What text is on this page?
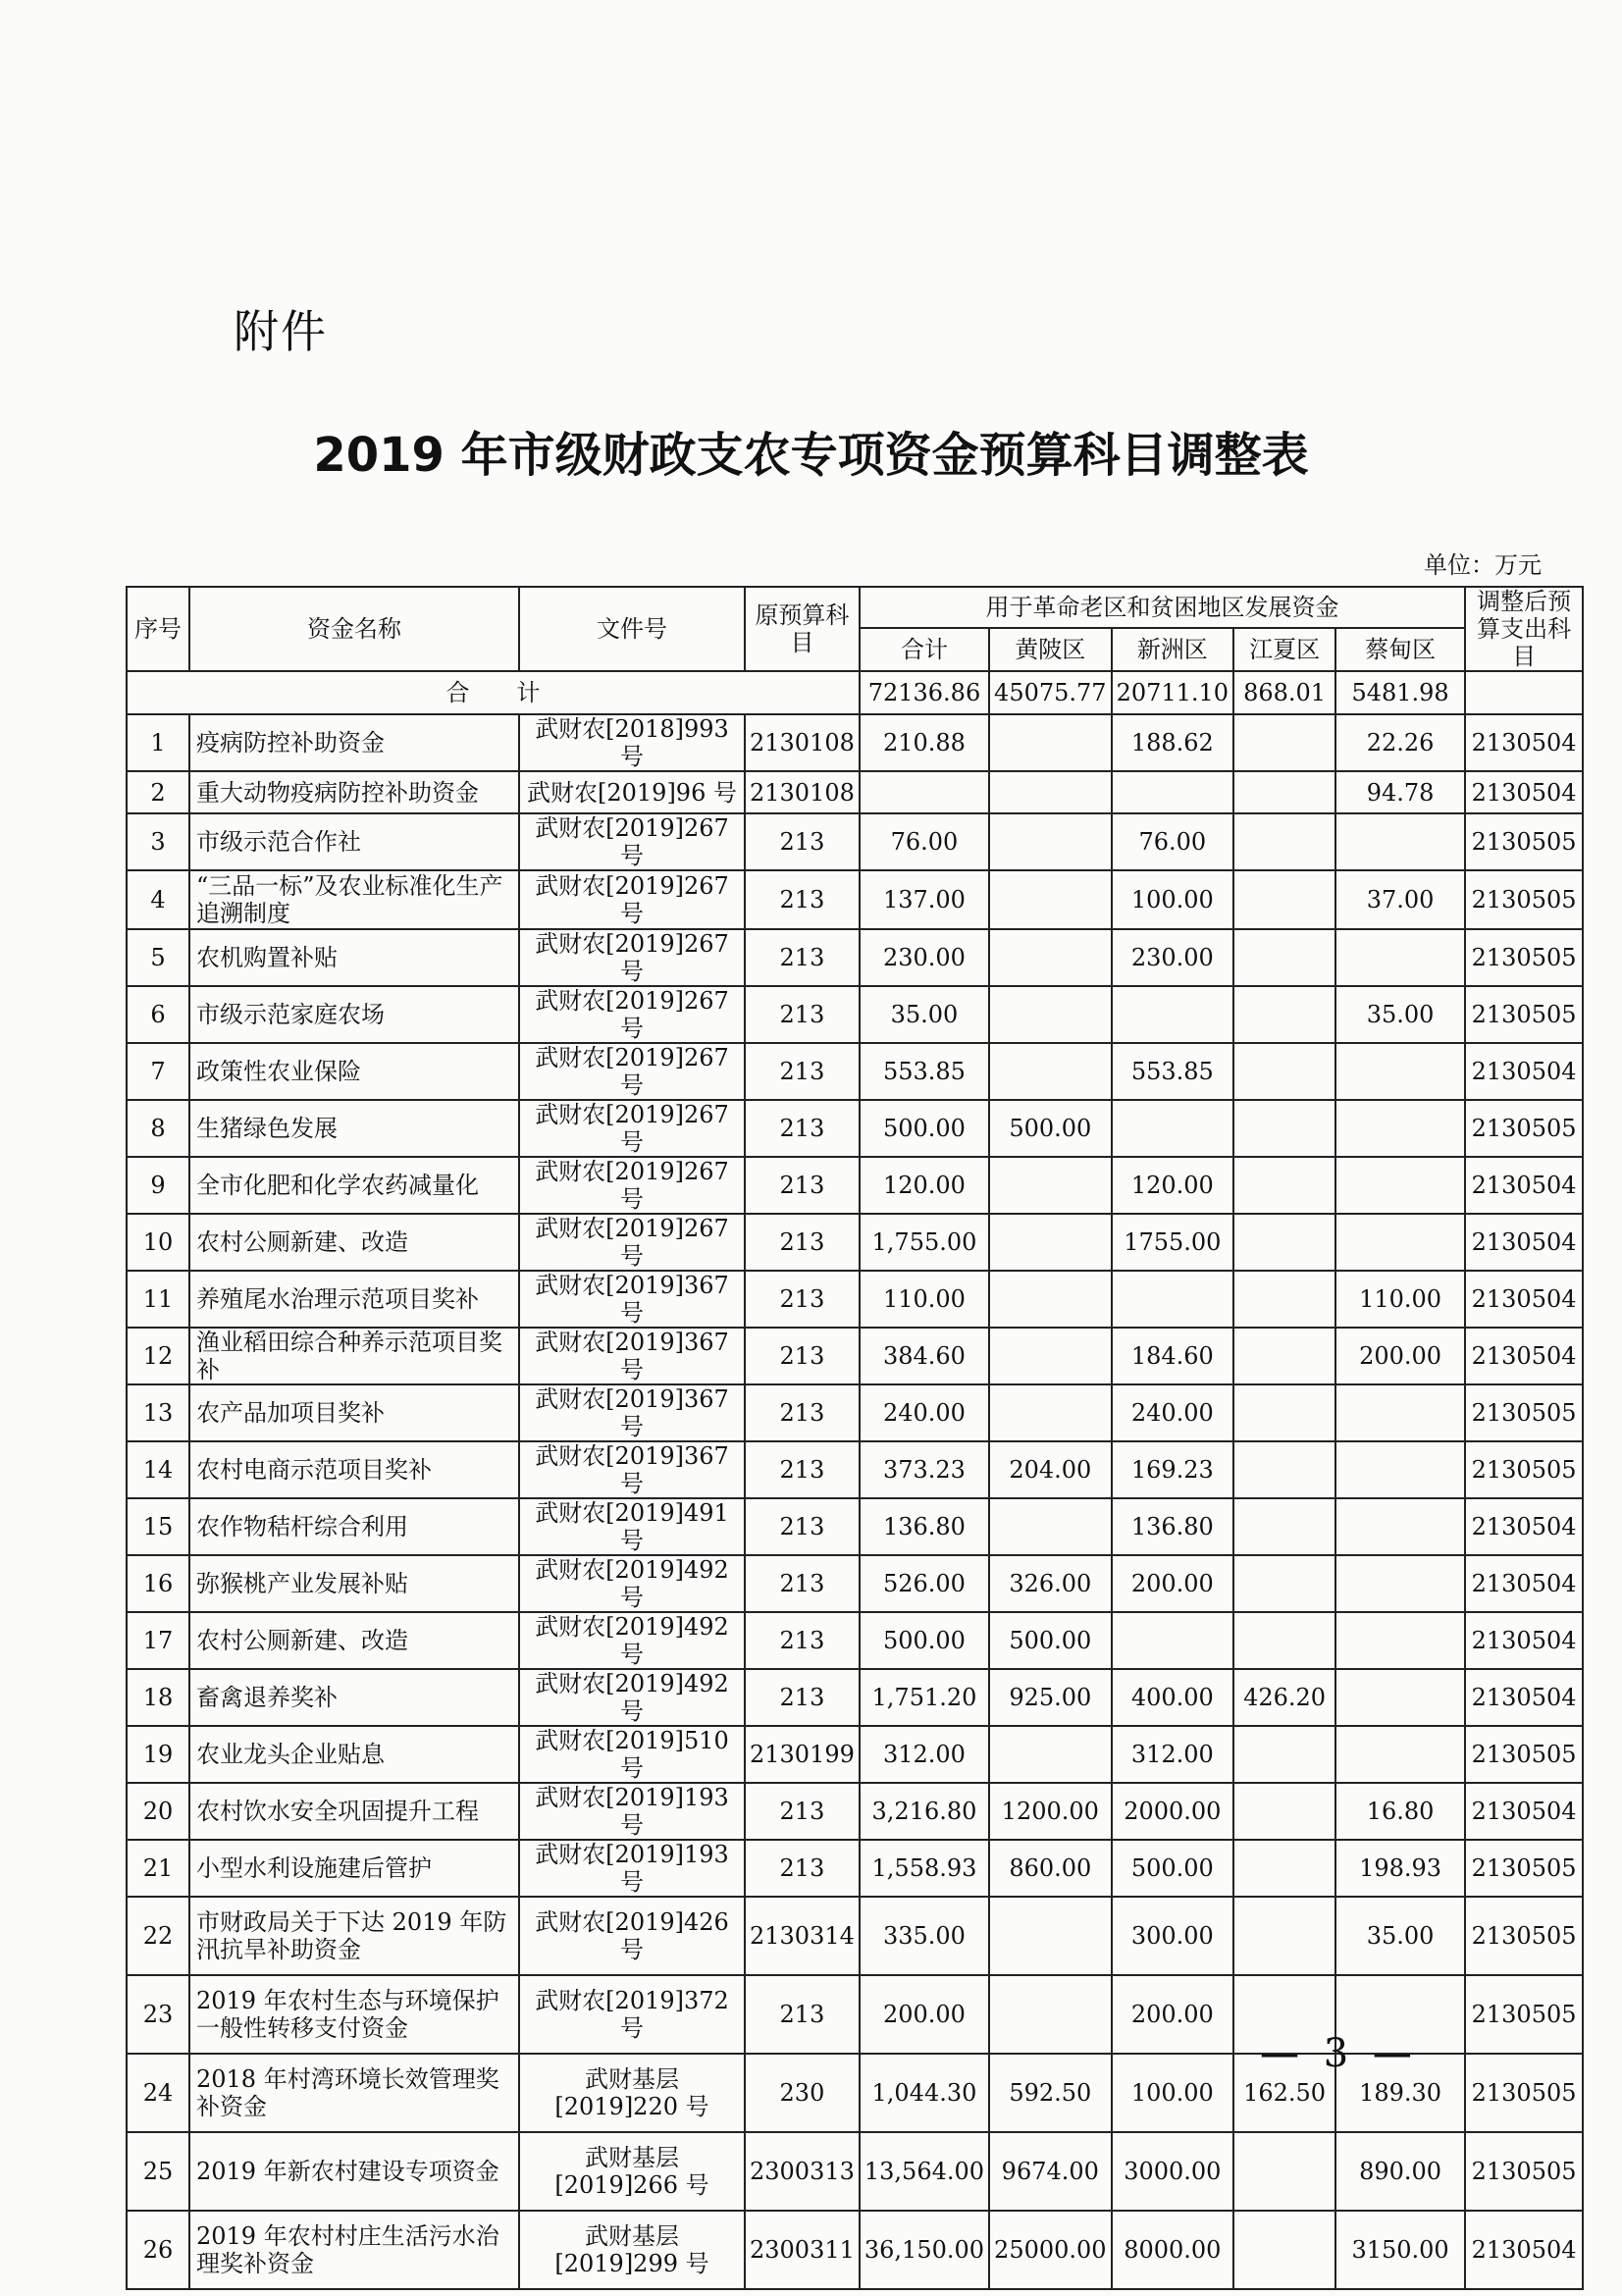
附件
2019 年市级财政支农专项资金预算科目调整表
单位：万元
序号	资金名称	文件号	原预算科目	用于革命老区和贫困地区发展资金					调整后预算支出科目
				合计	黄陂区	新洲区	江夏区	蔡甸区	
合　　计				72136.86	45075.77	20711.10	868.01	5481.98	
1	疫病防控补助资金	武财农[2018]993 号	2130108	210.88		188.62		22.26	2130504
2	重大动物疫病防控补助资金	武财农[2019]96 号	2130108					94.78	2130504
3	市级示范合作社	武财农[2019]267 号	213	76.00		76.00			2130505
4	“三品一标”及农业标准化生产追溯制度	武财农[2019]267 号	213	137.00		100.00		37.00	2130505
5	农机购置补贴	武财农[2019]267 号	213	230.00		230.00			2130505
6	市级示范家庭农场	武财农[2019]267 号	213	35.00				35.00	2130505
7	政策性农业保险	武财农[2019]267 号	213	553.85		553.85			2130504
8	生猪绿色发展	武财农[2019]267 号	213	500.00	500.00				2130505
9	全市化肥和化学农药减量化	武财农[2019]267 号	213	120.00		120.00			2130504
10	农村公厕新建、改造	武财农[2019]267 号	213	1,755.00		1755.00			2130504
11	养殖尾水治理示范项目奖补	武财农[2019]367 号	213	110.00				110.00	2130504
12	渔业稻田综合种养示范项目奖补	武财农[2019]367 号	213	384.60		184.60		200.00	2130504
13	农产品加项目奖补	武财农[2019]367 号	213	240.00		240.00			2130505
14	农村电商示范项目奖补	武财农[2019]367 号	213	373.23	204.00	169.23			2130505
15	农作物秸杆综合利用	武财农[2019]491 号	213	136.80		136.80			2130504
16	弥猴桃产业发展补贴	武财农[2019]492 号	213	526.00	326.00	200.00			2130504
17	农村公厕新建、改造	武财农[2019]492 号	213	500.00	500.00				2130504
18	畜禽退养奖补	武财农[2019]492 号	213	1,751.20	925.00	400.00	426.20		2130504
19	农业龙头企业贴息	武财农[2019]510 号	2130199	312.00		312.00			2130505
20	农村饮水安全巩固提升工程	武财农[2019]193 号	213	3,216.80	1200.00	2000.00		16.80	2130504
21	小型水利设施建后管护	武财农[2019]193 号	213	1,558.93	860.00	500.00		198.93	2130505
22	市财政局关于下达 2019 年防汛抗旱补助资金	武财农[2019]426 号	2130314	335.00		300.00		35.00	2130505
23	2019 年农村生态与环境保护一般性转移支付资金	武财农[2019]372 号	213	200.00		200.00			2130505
24	2018 年村湾环境长效管理奖补资金	武财基层[2019]220 号	230	1,044.30	592.50	100.00	162.50	189.30	2130505
25	2019 年新农村建设专项资金	武财基层[2019]266 号	2300313	13,564.00	9674.00	3000.00		890.00	2130505
26	2019 年农村村庄生活污水治理奖补资金	武财基层[2019]299 号	2300311	36,150.00	25000.00	8000.00		3150.00	2130504
— 3 —
